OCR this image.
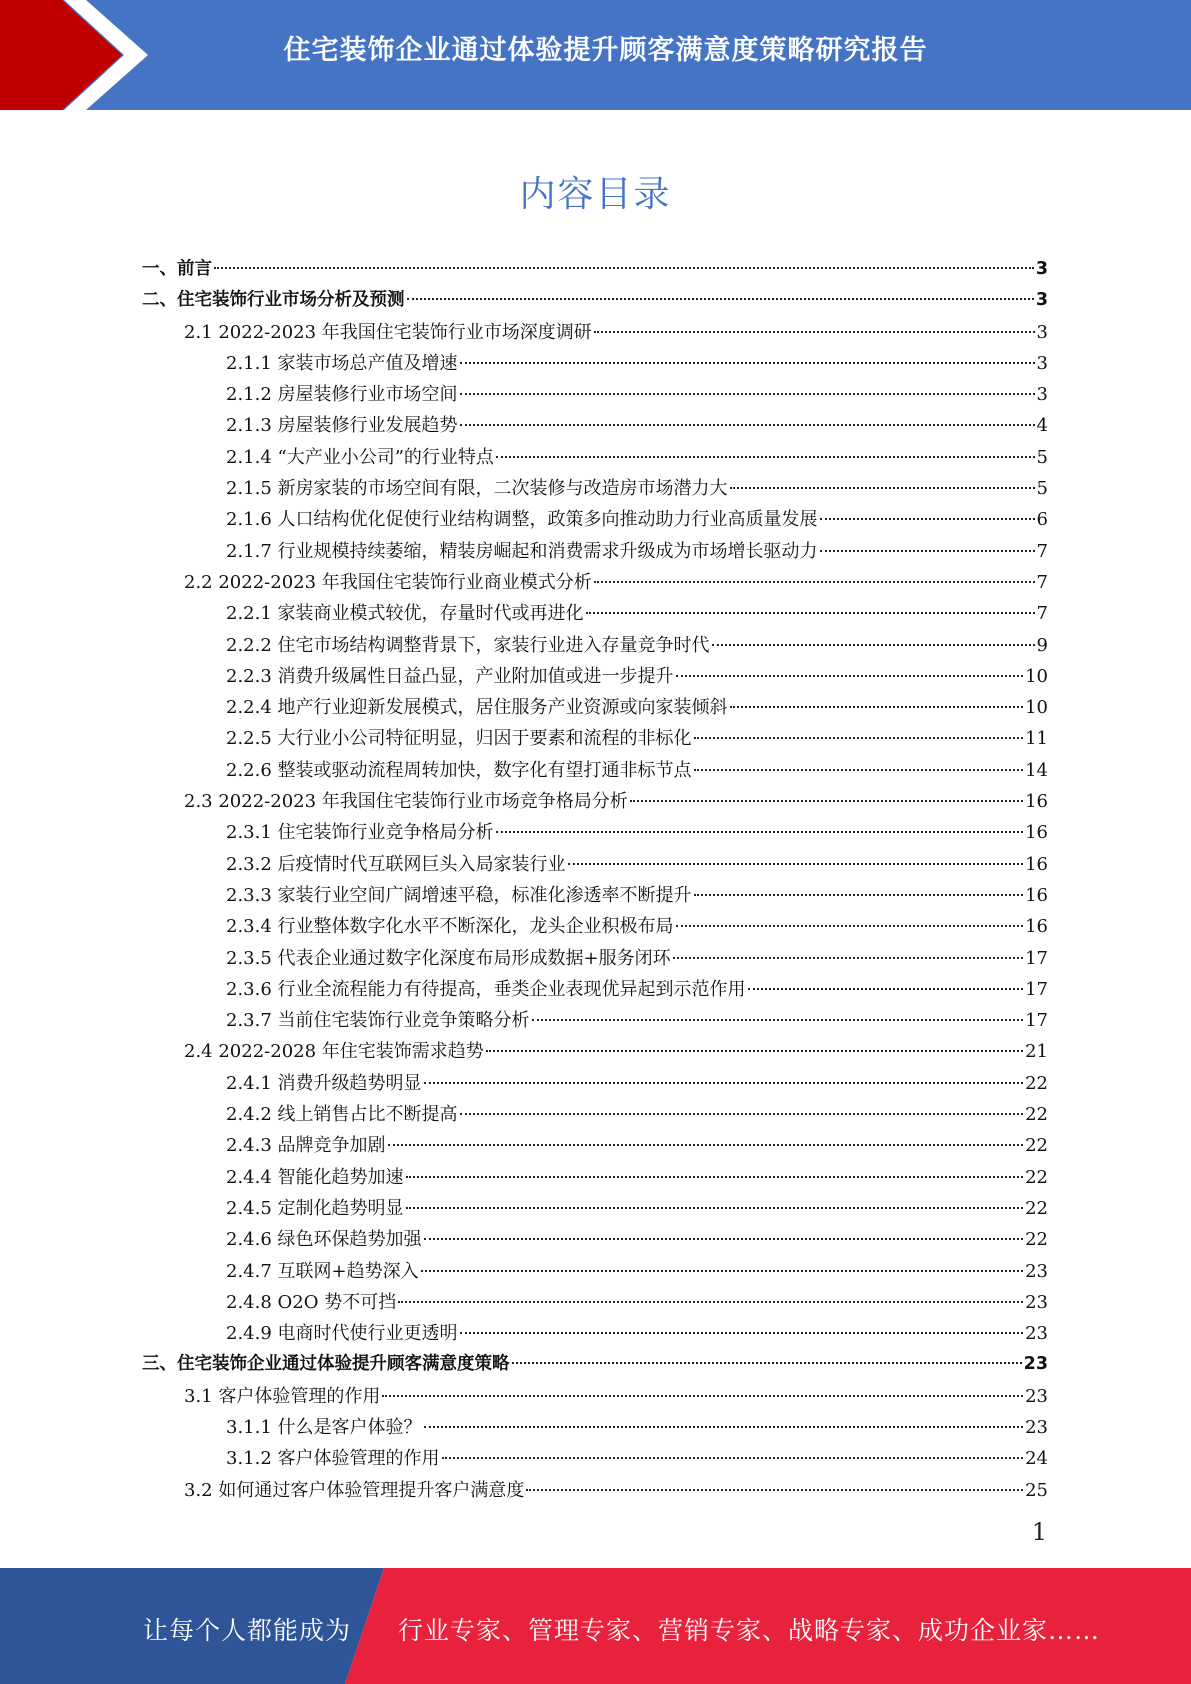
住宅装饰企业通过体验提升顾客满意度策略研究报告
内容目录
一、前言	3
二、住宅装饰行业市场分析及预测	3
2.1 2022-2023 年我国住宅装饰行业市场深度调研	3
2.1.1 家装市场总产值及增速	3
2.1.2 房屋装修行业市场空间	3
2.1.3 房屋装修行业发展趋势	4
2.1.4 “大产业小公司”的行业特点	5
2.1.5 新房家装的市场空间有限，二次装修与改造房市场潜力大	5
2.1.6 人口结构优化促使行业结构调整，政策多向推动助力行业高质量发展	6
2.1.7 行业规模持续萎缩，精装房崛起和消费需求升级成为市场增长驱动力	7
2.2 2022-2023 年我国住宅装饰行业商业模式分析	7
2.2.1 家装商业模式较优，存量时代或再进化	7
2.2.2 住宅市场结构调整背景下，家装行业进入存量竞争时代	9
2.2.3 消费升级属性日益凸显，产业附加值或进一步提升	10
2.2.4 地产行业迎新发展模式，居住服务产业资源或向家装倾斜	10
2.2.5 大行业小公司特征明显，归因于要素和流程的非标化	11
2.2.6 整装或驱动流程周转加快，数字化有望打通非标节点	14
2.3 2022-2023 年我国住宅装饰行业市场竞争格局分析	16
2.3.1 住宅装饰行业竞争格局分析	16
2.3.2 后疫情时代互联网巨头入局家装行业	16
2.3.3 家装行业空间广阔增速平稳，标准化渗透率不断提升	16
2.3.4 行业整体数字化水平不断深化，龙头企业积极布局	16
2.3.5 代表企业通过数字化深度布局形成数据+服务闭环	17
2.3.6 行业全流程能力有待提高，垂类企业表现优异起到示范作用	17
2.3.7 当前住宅装饰行业竞争策略分析	17
2.4 2022-2028 年住宅装饰需求趋势	21
2.4.1 消费升级趋势明显	22
2.4.2 线上销售占比不断提高	22
2.4.3 品牌竞争加剧	22
2.4.4 智能化趋势加速	22
2.4.5 定制化趋势明显	22
2.4.6 绿色环保趋势加强	22
2.4.7 互联网+趋势深入	23
2.4.8 O2O 势不可挡	23
2.4.9 电商时代使行业更透明	23
三、住宅装饰企业通过体验提升顾客满意度策略	23
3.1 客户体验管理的作用	23
3.1.1 什么是客户体验？	23
3.1.2 客户体验管理的作用	24
3.2 如何通过客户体验管理提升客户满意度	25
1
让每个人都能成为 行业专家、管理专家、营销专家、战略专家、成功企业家……
